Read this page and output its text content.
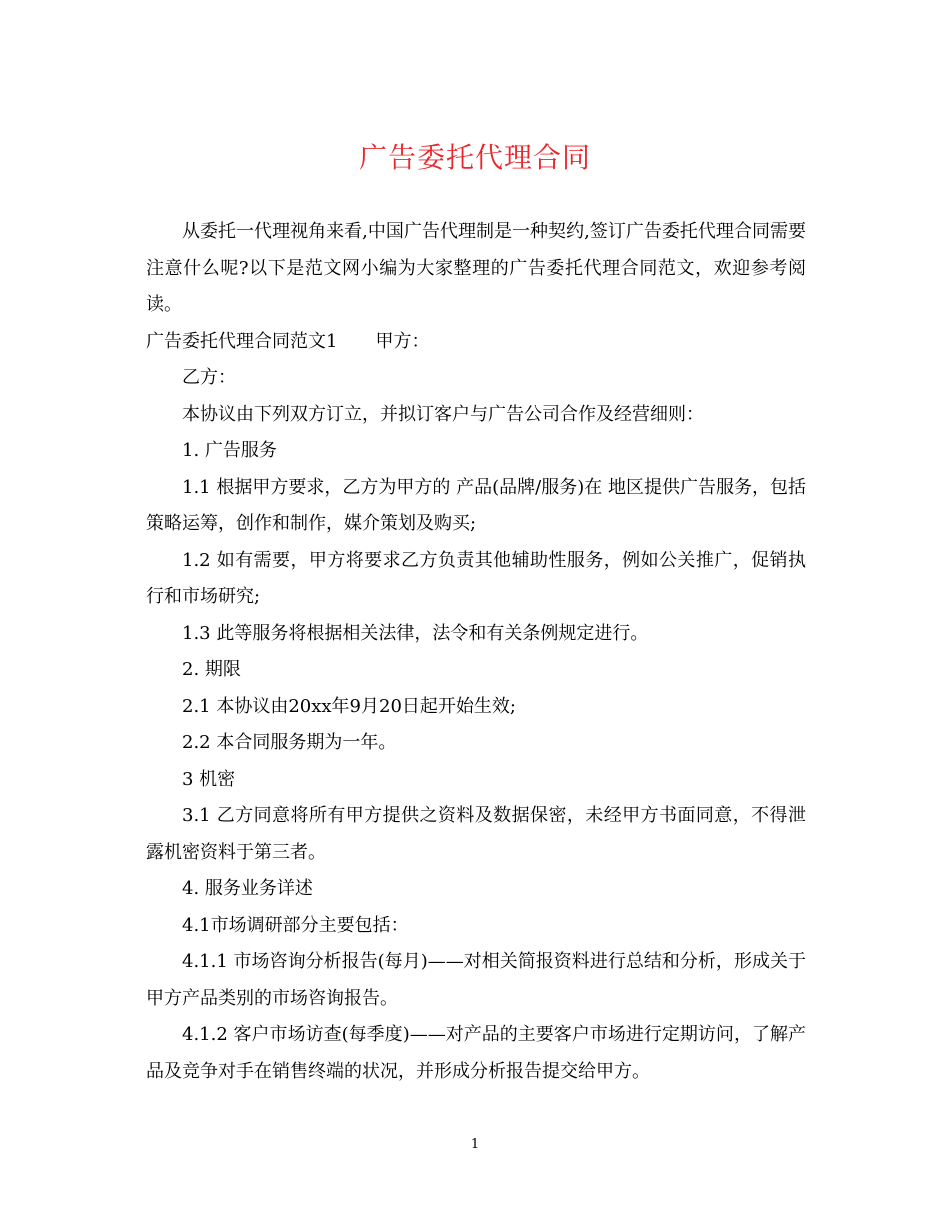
广告委托代理合同

从委托一代理视角来看,中国广告代理制是一种契约,签订广告委托代理合同需要注意什么呢?以下是范文网小编为大家整理的广告委托代理合同范文，欢迎参考阅读。

广告委托代理合同范文1 甲方：

乙方：

本协议由下列双方订立，并拟订客户与广告公司合作及经营细则：

1. 广告服务

1.1 根据甲方要求，乙方为甲方的 产品(品牌/服务)在 地区提供广告服务，包括策略运筹，创作和制作，媒介策划及购买;

1.2 如有需要，甲方将要求乙方负责其他辅助性服务，例如公关推广，促销执行和市场研究;

1.3 此等服务将根据相关法律，法令和有关条例规定进行。

2. 期限

2.1 本协议由20xx年9月20日起开始生效;

2.2 本合同服务期为一年。

3 机密

3.1 乙方同意将所有甲方提供之资料及数据保密，未经甲方书面同意，不得泄露机密资料于第三者。

4. 服务业务详述

4.1市场调研部分主要包括：

4.1.1 市场咨询分析报告(每月)——对相关简报资料进行总结和分析，形成关于甲方产品类别的市场咨询报告。

4.1.2 客户市场访查(每季度)——对产品的主要客户市场进行定期访问，了解产品及竞争对手在销售终端的状况，并形成分析报告提交给甲方。

1
